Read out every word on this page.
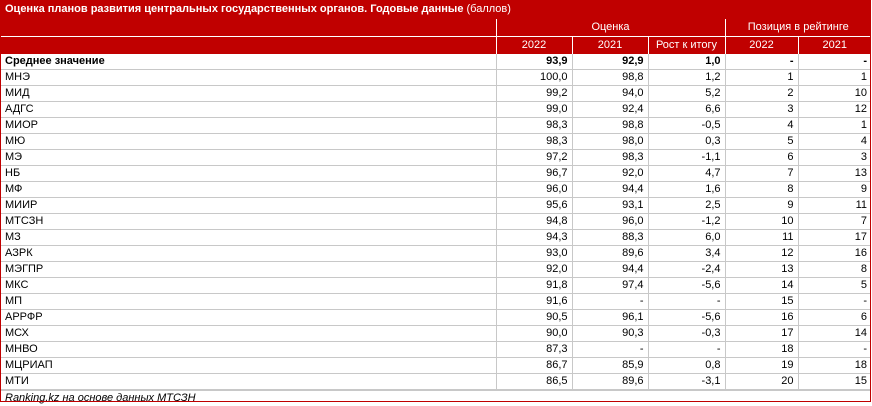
Оценка планов развития центральных государственных органов. Годовые данные (баллов)
	Оценка			Позиция в рейтинге	
	2022	2021	Рост к итогу	2022	2021
Среднее значение	93,9	92,9	1,0	-	-
МНЭ	100,0	98,8	1,2	1	1
МИД	99,2	94,0	5,2	2	10
АДГС	99,0	92,4	6,6	3	12
МИОР	98,3	98,8	-0,5	4	1
МЮ	98,3	98,0	0,3	5	4
МЭ	97,2	98,3	-1,1	6	3
НБ	96,7	92,0	4,7	7	13
МФ	96,0	94,4	1,6	8	9
МИИР	95,6	93,1	2,5	9	11
МТСЗН	94,8	96,0	-1,2	10	7
МЗ	94,3	88,3	6,0	11	17
АЗРК	93,0	89,6	3,4	12	16
МЭГПР	92,0	94,4	-2,4	13	8
МКС	91,8	97,4	-5,6	14	5
МП	91,6	-	-	15	-
АРРФР	90,5	96,1	-5,6	16	6
МСХ	90,0	90,3	-0,3	17	14
МНВО	87,3	-	-	18	-
МЦРИАП	86,7	85,9	0,8	19	18
МТИ	86,5	89,6	-3,1	20	15
Ranking.kz на основе данных МТСЗН
